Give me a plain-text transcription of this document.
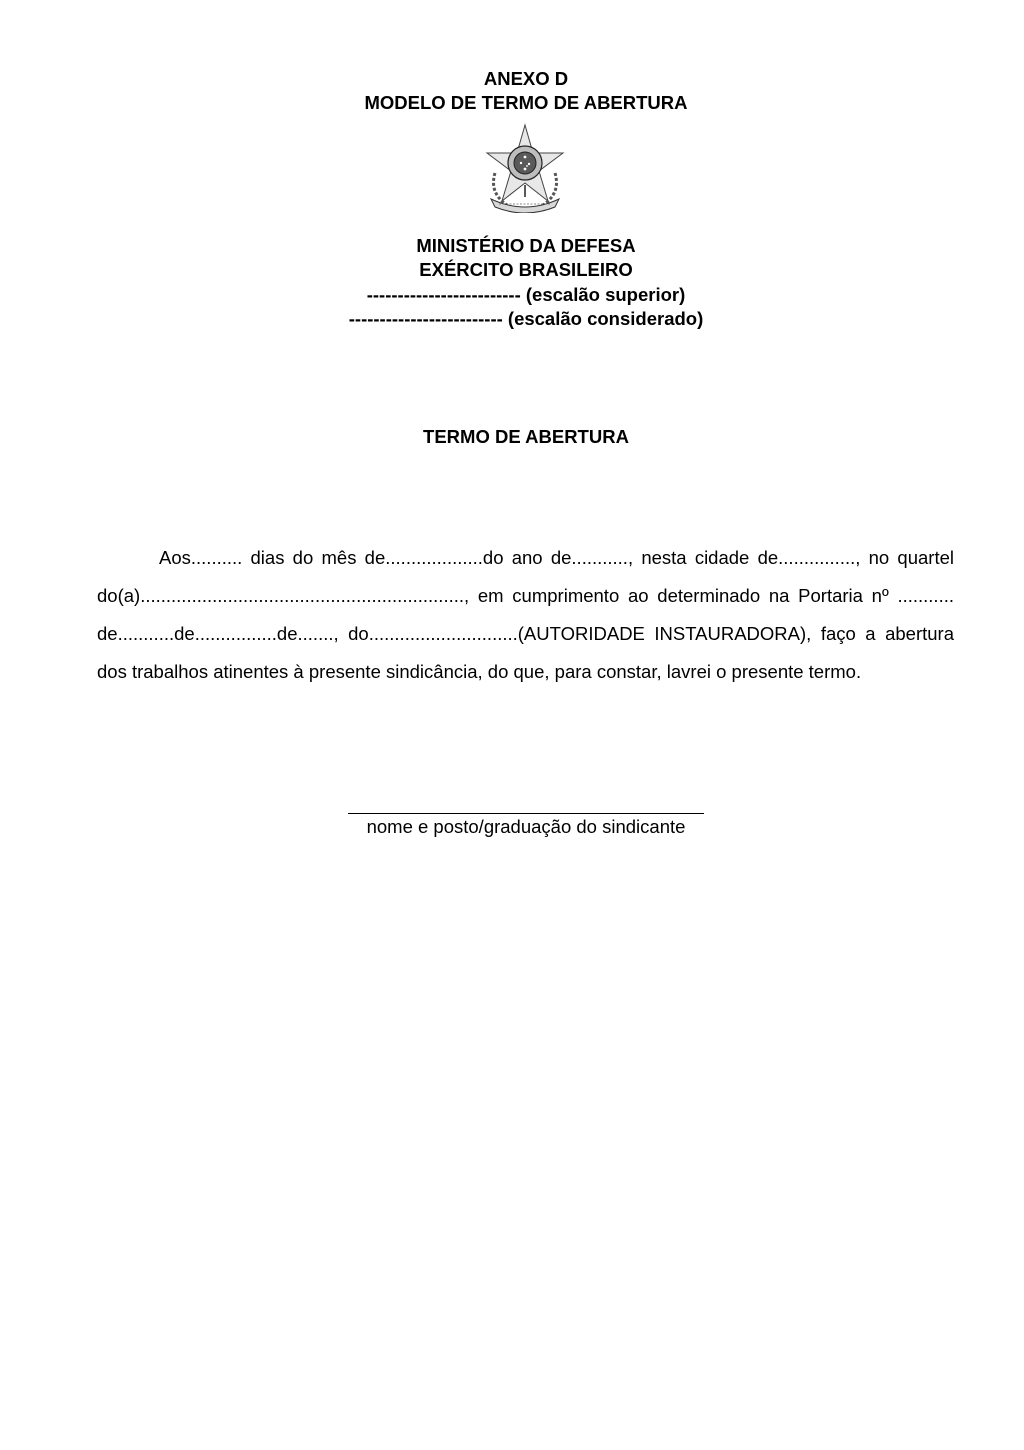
ANEXO D
MODELO DE TERMO DE ABERTURA
MINISTÉRIO DA DEFESA
EXÉRCITO BRASILEIRO
------------------------- (escalão superior)
------------------------- (escalão considerado)
TERMO DE ABERTURA

Aos.......... dias do mês de...................do ano de..........., nesta cidade de..............., no quartel do(a)..............................................................., em cumprimento ao determinado na Portaria nº ........... de...........de................de......., do.............................(AUTORIDADE INSTAURADORA), faço a abertura dos trabalhos atinentes à presente sindicância, do que, para constar, lavrei o presente termo.

nome e posto/graduação do sindicante
